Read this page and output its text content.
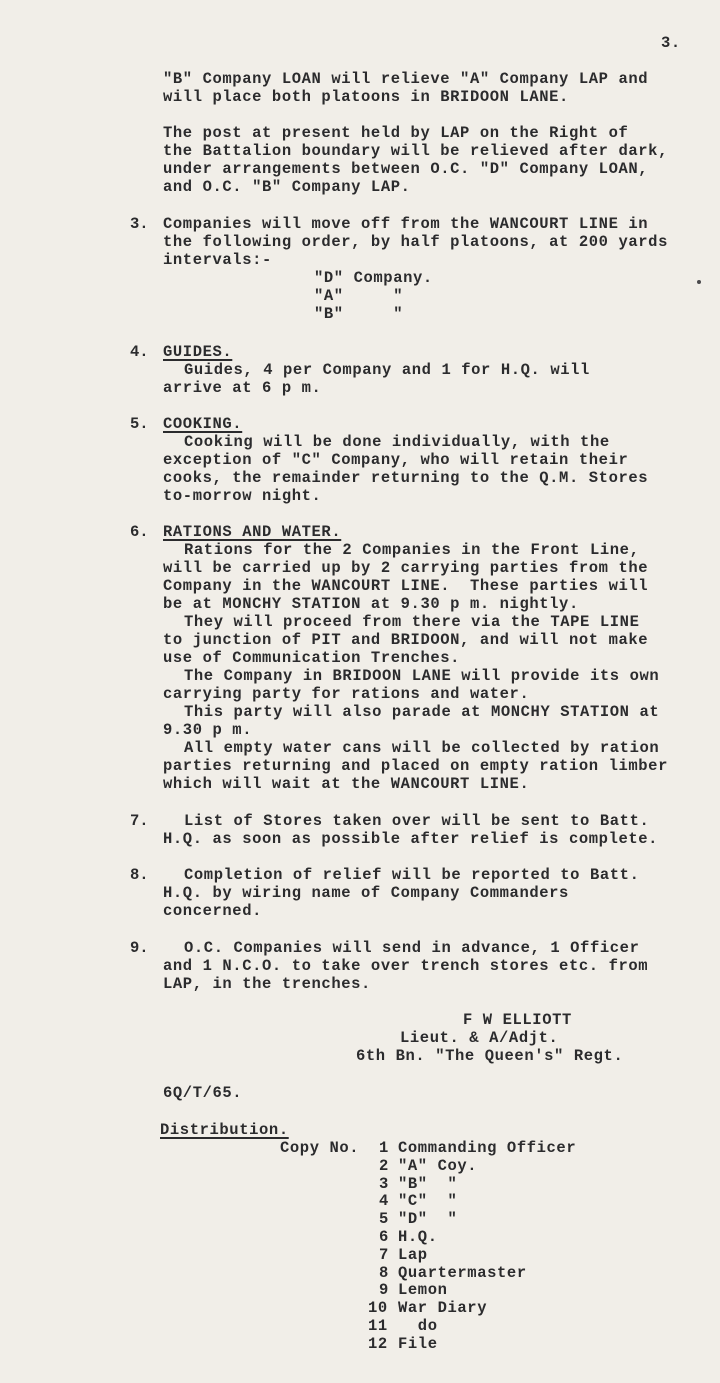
3.
"B" Company LOAN will relieve "A" Company LAP and
will place both platoons in BRIDOON LANE.
The post at present held by LAP on the Right of
the Battalion boundary will be relieved after dark,
under arrangements between O.C. "D" Company LOAN,
and O.C. "B" Company LAP.
3. Companies will move off from the WANCOURT LINE in
the following order, by half platoons, at 200 yards
intervals:-
"D" Company.
"A"     "
"B"     "
4. GUIDES.
Guides, 4 per Company and 1 for H.Q. will
arrive at 6 p m.
5. COOKING.
Cooking will be done individually, with the
exception of "C" Company, who will retain their
cooks, the remainder returning to the Q.M. Stores
to-morrow night.
6. RATIONS AND WATER.
Rations for the 2 Companies in the Front Line,
will be carried up by 2 carrying parties from the
Company in the WANCOURT LINE.  These parties will
be at MONCHY STATION at 9.30 p m. nightly.
They will proceed from there via the TAPE LINE
to junction of PIT and BRIDOON, and will not make
use of Communication Trenches.
The Company in BRIDOON LANE will provide its own
carrying party for rations and water.
This party will also parade at MONCHY STATION at
9.30 p m.
All empty water cans will be collected by ration
parties returning and placed on empty ration limber
which will wait at the WANCOURT LINE.
7. List of Stores taken over will be sent to Batt.
H.Q. as soon as possible after relief is complete.
8. Completion of relief will be reported to Batt.
H.Q. by wiring name of Company Commanders
concerned.
9. O.C. Companies will send in advance, 1 Officer
and 1 N.C.O. to take over trench stores etc. from
LAP, in the trenches.
F W ELLIOTT
Lieut. & A/Adjt.
6th Bn. "The Queen's" Regt.
6Q/T/65.
Distribution.
Copy No. 1 Commanding Officer
2 "A" Coy.
3 "B"  "
4 "C"  "
5 "D"  "
6 H.Q.
7 Lap
8 Quartermaster
9 Lemon
10 War Diary
11 do
12 File
